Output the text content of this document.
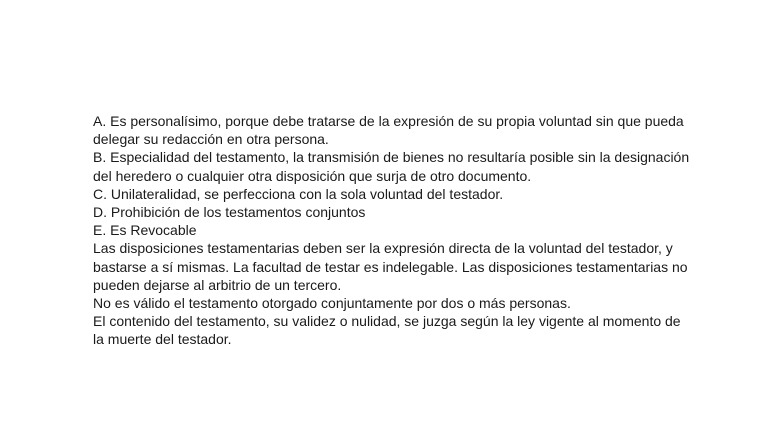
A. Es personalísimo, porque debe tratarse de la expresión de su propia voluntad sin que pueda delegar su redacción en otra persona.

B. Especialidad del testamento, la transmisión de bienes no resultaría posible sin la designación del heredero o cualquier otra disposición que surja de otro documento.

C. Unilateralidad, se perfecciona con la sola voluntad del testador.

D. Prohibición de los testamentos conjuntos

E. Es Revocable

Las disposiciones testamentarias deben ser la expresión directa de la voluntad del testador, y bastarse a sí mismas. La facultad de testar es indelegable. Las disposiciones testamentarias no pueden dejarse al arbitrio de un tercero.

No es válido el testamento otorgado conjuntamente por dos o más personas.

El contenido del testamento, su validez o nulidad, se juzga según la ley vigente al momento de la muerte del testador.
